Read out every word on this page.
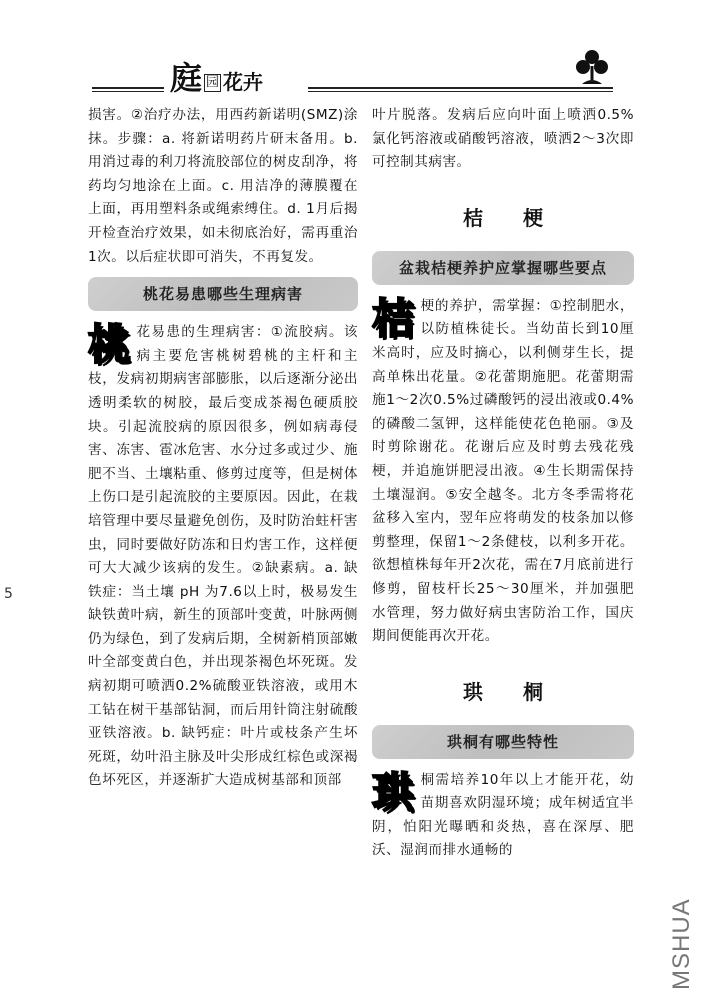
庭 园 花卉

损害。②治疗办法，用西药新诺明(SMZ)涂抹。步骤：a. 将新诺明药片研末备用。b. 用消过毒的利刀将流胶部位的树皮刮净，将药均匀地涂在上面。c. 用洁净的薄膜覆在上面，再用塑料条或绳索缚住。d. 1月后揭开检查治疗效果，如未彻底治好，需再重治1次。以后症状即可消失，不再复发。

桃花易患哪些生理病害

桃 花易患的生理病害：①流胶病。该病主要危害桃树碧桃的主杆和主枝，发病初期病害部膨胀，以后逐渐分泌出透明柔软的树胶，最后变成茶褐色硬质胶块。引起流胶病的原因很多，例如病毒侵害、冻害、雹冰危害、水分过多或过少、施肥不当、土壤粘重、修剪过度等，但是树体上伤口是引起流胶的主要原因。因此，在栽培管理中要尽量避免创伤，及时防治蛀杆害虫，同时要做好防冻和日灼害工作，这样便可大大减少该病的发生。②缺素病。a. 缺铁症：当土壤 pH 为7.6以上时，极易发生缺铁黄叶病，新生的顶部叶变黄，叶脉两侧仍为绿色，到了发病后期，全树新梢顶部嫩叶全部变黄白色，并出现茶褐色坏死斑。发病初期可喷洒0.2%硫酸亚铁溶液，或用木工钻在树干基部钻洞，而后用针筒注射硫酸亚铁溶液。b. 缺钙症：叶片或枝条产生坏死斑，幼叶沿主脉及叶尖形成红棕色或深褐色坏死区，并逐渐扩大造成树基部和顶部

叶片脱落。发病后应向叶面上喷洒0.5%氯化钙溶液或硝酸钙溶液，喷洒2～3次即可控制其病害。

桔梗
盆栽桔梗养护应掌握哪些要点

桔 梗的养护，需掌握：①控制肥水，以防植株徒长。当幼苗长到10厘米高时，应及时摘心，以利侧芽生长，提高单株出花量。②花蕾期施肥。花蕾期需施1～2次0.5%过磷酸钙的浸出液或0.4%的磷酸二氢钾，这样能使花色艳丽。③及时剪除谢花。花谢后应及时剪去残花残梗，并追施饼肥浸出液。④生长期需保持土壤湿润。⑤安全越冬。北方冬季需将花盆移入室内，翌年应将萌发的枝条加以修剪整理，保留1～2条健枝，以利多开花。欲想植株每年开2次花，需在7月底前进行修剪，留枝杆长25～30厘米，并加强肥水管理，努力做好病虫害防治工作，国庆期间便能再次开花。

珙桐
珙桐有哪些特性

珙 桐需培养10年以上才能开花，幼苗期喜欢阴湿环境；成年树适宜半阴，怕阳光曝晒和炎热，喜在深厚、肥沃、湿润而排水通畅的

5
MSHUA
